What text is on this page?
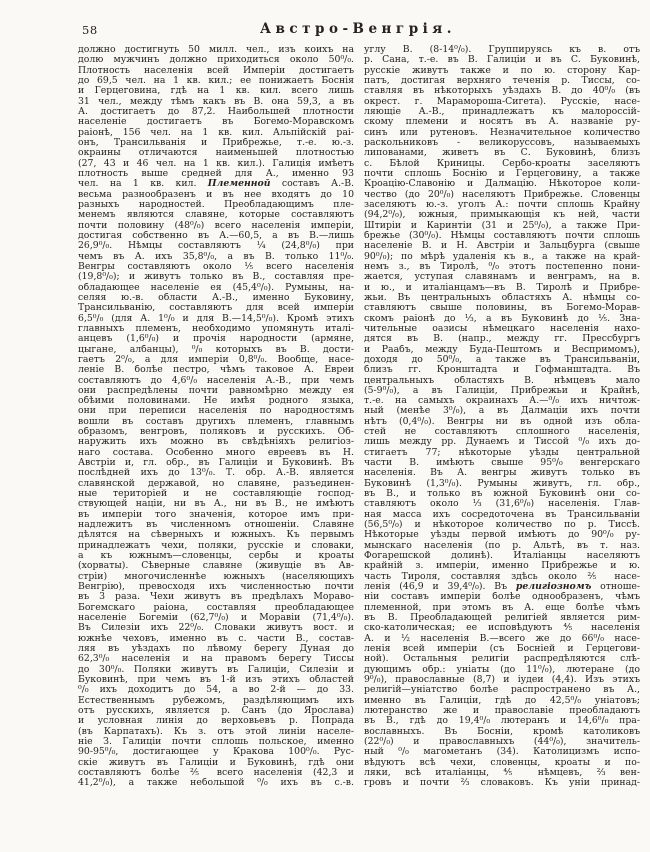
58	Австро-Венгрія.
должно достигнуть 50 милл. чел., изъ коихъ на
долю мужчинъ должно приходиться около 50⁰/₀.
Плотность населенія всей Имперіи достигаетъ
до 69,5 чел. на 1 кв. кил.; ее понижаетъ Боснія
и Герцеговина, гдѣ на 1 кв. кил. всего лишь
31 чел., между тѣмъ какъ въ В. она 59,3, а въ
А. достигаетъ до 87,2. Наибольшей плотности
населеніе достигаетъ въ Богемо-Моравскомъ
раіонѣ, 156 чел. на 1 кв. кил. Альпійскій раі-
онъ, Трансильванія и Прибрежье, т.-е. ю.-з.
окраины отличаются наименьшей плотностью
(27, 43 и 46 чел. на 1 кв. кил.). Галиція имѣетъ
плотность выше средней для А., именно 93
чел. на 1 кв. кил. Племенной составъ А.-В.
весьма разнообразенъ и въ нее входятъ до 10
разныхъ народностей. Преобладающимъ пле-
менемъ являются славяне, которые составляютъ
почти половину (48⁰/₀) всего населенія имперіи,
достигая собственно въ А.—60,5, а въ В.—лишь
26,9⁰/₀. Нѣмцы составляютъ ¼ (24,8⁰/₀) при
чемъ въ А. ихъ 35,8⁰/₀, а въ В. только 11⁰/₀.
Венгры составляютъ около ⅕ всего населенія
(19,8⁰/₀); и живутъ только въ В., составляя пре-
обладающее населеніе ея (45,4⁰/₀). Румыны, на-
селяя ю.-в. области А.-В., именно Буковину,
Трансильванію, составляютъ для всей имперіи
6,5⁰/₀ (для А. 1⁰/₀ и для В.—14,5⁰/₀). Кромѣ этихъ
главныхъ племенъ, необходимо упомянуть италі-
анцевъ (1,6⁰/₀) и прочія народности (армяне,
цыгане, албанцы), ⁰/₀ которыхъ въ В. дости-
гаетъ 2⁰/₀, а для имперіи 0,8⁰/₀. Вообще, насе-
леніе В. болѣе пестро, чѣмъ таковое А. Евреи
составляютъ до 4,6⁰/₀ населенія А.-В., при чемъ
они распредѣлены почти равномѣрно между ея
обѣими половинами. Не имѣя родного языка,
они при переписи населенія по народностямъ
вошли въ составъ другихъ племенъ, главнымъ
образомъ, венгровъ, поляковъ и русскихъ. Об-
наружить ихъ можно въ свѣдѣніяхъ религіоз-
наго состава. Особенно много евреевъ въ Н.
Австріи и, гл. обр., въ Галиціи и Буковинѣ. Въ
послѣдней ихъ до 13⁰/₀. Т. обр. А.-В. является
славянской державой, но славяне, разъединен-
ные територіей и не составляющіе господ-
ствующей націи, ни въ А., ни въ В., не имѣютъ
въ имперіи того значенія, которое имъ при-
надлежитъ въ численномъ отношеніи. Славяне
дѣлятся на сѣверныхъ и южныхъ. Къ первымъ
принадлежатъ чехи, поляки, русскіе и словаки,
а къ южнымъ—словенцы, сербы и кроаты
(хорваты). Сѣверные славяне (живущіе въ Ав-
стріи) многочисленнѣе южныхъ (населяющихъ
Венгрію), превосходя ихъ численностью почти
въ 3 раза. Чехи живутъ въ предѣлахъ Мораво-
Богемскаго раіона, составляя преобладающее
населеніе Богеміи (62,7⁰/₀) и Моравіи (71,4⁰/₀).
Въ Силезіи ихъ 22⁰/₀. Словаки живутъ вост. и
южнѣе чеховъ, именно въ с. части В., состав-
ляя въ уѣздахъ по лѣвому берегу Дуная до
62,3⁰/₀ населенія и на правомъ берегу Тиссы
до 30⁰/₀. Поляки живутъ въ Галиціи, Силезіи и
Буковинѣ, при чемъ въ 1-й изъ этихъ областей
⁰/₀ ихъ доходитъ до 54, а во 2-й — до 33.
Естественнымъ рубежомъ, раздѣляющимъ ихъ
отъ русскихъ, является р. Санъ (до Ярослава)
и условная линія до верховьевъ р. Попрада
(въ Карпатахъ). Къ з. отъ этой линіи населе-
ніе З. Галиціи почти сплошь польское, именно
90-95⁰/₀, достигающее у Кракова 100⁰/₀. Рус-
скіе живутъ въ Галиціи и Буковинѣ, гдѣ они
составляютъ болѣе ⅖ всего населенія (42,3 и
41,2⁰/₀), а также небольшой ⁰/₀ ихъ въ с.-в.
углу В. (8-14⁰/₀). Группируясь къ в. отъ
р. Сана, т.-е. въ В. Галиціи и въ С. Буковинѣ,
русскіе живутъ также и по ю. сторону Кар-
патъ, достигая верхняго теченія р. Тиссы, со-
ставляя въ нѣкоторыхъ уѣздахъ В. до 40⁰/₀ (въ
окрест. г. Марамороша-Сигета). Русскіе, насе-
ляющіе А.-В., принадлежатъ къ малороссій-
скому племени и носятъ въ А. названіе ру-
синъ или рутеновъ. Незначительное количество
раскольниковъ - великоруссовъ, называемыхъ
липованами, живетъ въ С. Буковинѣ, близъ
с. Бѣлой Криницы. Сербо-кроаты заселяютъ
почти сплошь Боснію и Герцеговину, а также
Кроацію-Славонію и Далмацію. Нѣкоторое коли-
чество (до 20⁰/₀) населяютъ Прибрежье. Словенцы
заселяютъ ю.-з. уголъ А.: почти сплошь Крайну
(94,2⁰/₀), южныя, примыкающія къ ней, части
Штиріи и Каринтіи (31 и 25⁰/₀), а также При-
брежье (30⁰/₀). Нѣмцы составляютъ почти сплошь
населеніе В. и Н. Австріи и Зальцбурга (свыше
90⁰/₀); по мѣрѣ удаленія къ в., а также на край-
немъ з., въ Тиролѣ, ⁰/₀ этотъ постепенно пони-
жается, уступая славянамъ и венграмъ, на в.
и ю., и италіанцамъ—въ В. Тиролѣ и Прибре-
жьи. Въ центральныхъ областяхъ А. нѣмцы со-
ставляютъ свыше половины, въ Богемо-Морав-
скомъ раіонѣ до ⅓, а въ Буковинѣ до ⅕. Зна-
чительные оазисы нѣмецкаго населенія нахо-
дятся въ В. (напр., между гг. Прессбургъ
и Раабъ, между Буда-Пештомъ и Веспримомъ),
доходя до 50⁰/₀, а также въ Трансильваніи,
близъ гг. Кронштадта и Гофманштадта. Въ
центральныхъ областяхъ В. нѣмцевъ мало
(5-9⁰/₀), а въ Галиціи, Прибрежьи и Крайнѣ,
т.-е. на самыхъ окраинахъ А.—⁰/₀ ихъ ничтож-
ный (менѣе 3⁰/₀), а въ Далмаціи ихъ почти
нѣтъ (0,4⁰/₀). Венгры ни въ одной изъ обла-
стей не составляютъ сплошного населенія,
лишь между рр. Дунаемъ и Тиссой ⁰/₀ ихъ до-
стигаетъ 77; нѣкоторые уѣзды центральной
части В. имѣютъ свыше 95⁰/₀ венгерскаго
населенія. Въ А. венгры живутъ только въ
Буковинѣ (1,3⁰/₀). Румыны живутъ, гл. обр.,
въ В., и только въ южной Буковинѣ они со-
ставляютъ около ⅓ (31,6⁰/₀) населенія. Глав-
ная масса ихъ сосредоточена въ Трансильваніи
(56,5⁰/₀) и нѣкоторое количество по р. Тиссѣ.
Нѣкоторые уѣзды первой имѣютъ до 90⁰/₀ ру-
мынскаго населенія (по р. Альтѣ, въ т. наз.
Фогарешской долинѣ). Италіанцы населяютъ
крайній з. имперіи, именно Прибрежье и ю.
часть Тироля, составляя здѣсь около ⅖ насе-
ленія (46,9 и 39,4⁰/₀). Въ религіозномъ отноше-
ніи составъ имперіи болѣе однообразенъ, чѣмъ
племенной, при этомъ въ А. еще болѣе чѣмъ
въ В. Преобладающей религіей является рим-
ско-католическая; ее исповѣдуютъ ⅘ населенія
А. и ½ населенія В.—всего же до 66⁰/₀ насе-
ленія всей имперіи (съ Босніей и Герцегови-
ной). Остальныя религіи распредѣляются слѣ-
дующимъ обр.: уніаты (до 11⁰/₀), лютеране (до
9⁰/₀), православные (8,7) и іудеи (4,4). Изъ этихъ
религій—уніатство болѣе распространено въ А.,
именно въ Галиціи, гдѣ до 42,5⁰/₀ уніатовъ;
лютеранство же и православіе преобладаютъ
въ В., гдѣ до 19,4⁰/₀ лютеранъ и 14,6⁰/₀ пра-
вославныхъ. Въ Босніи, кромѣ католиковъ
(22⁰/₀) и православныхъ (44⁰/₀), значитель-
ный ⁰/₀ магометанъ (34). Католицизмъ испо-
вѣдуютъ всѣ чехи, словенцы, кроаты и по-
ляки, всѣ италіанцы, ⅘ нѣмцевъ, ⅔ вен-
гровъ и почти ⅔ словаковъ. Къ уніи принад-
